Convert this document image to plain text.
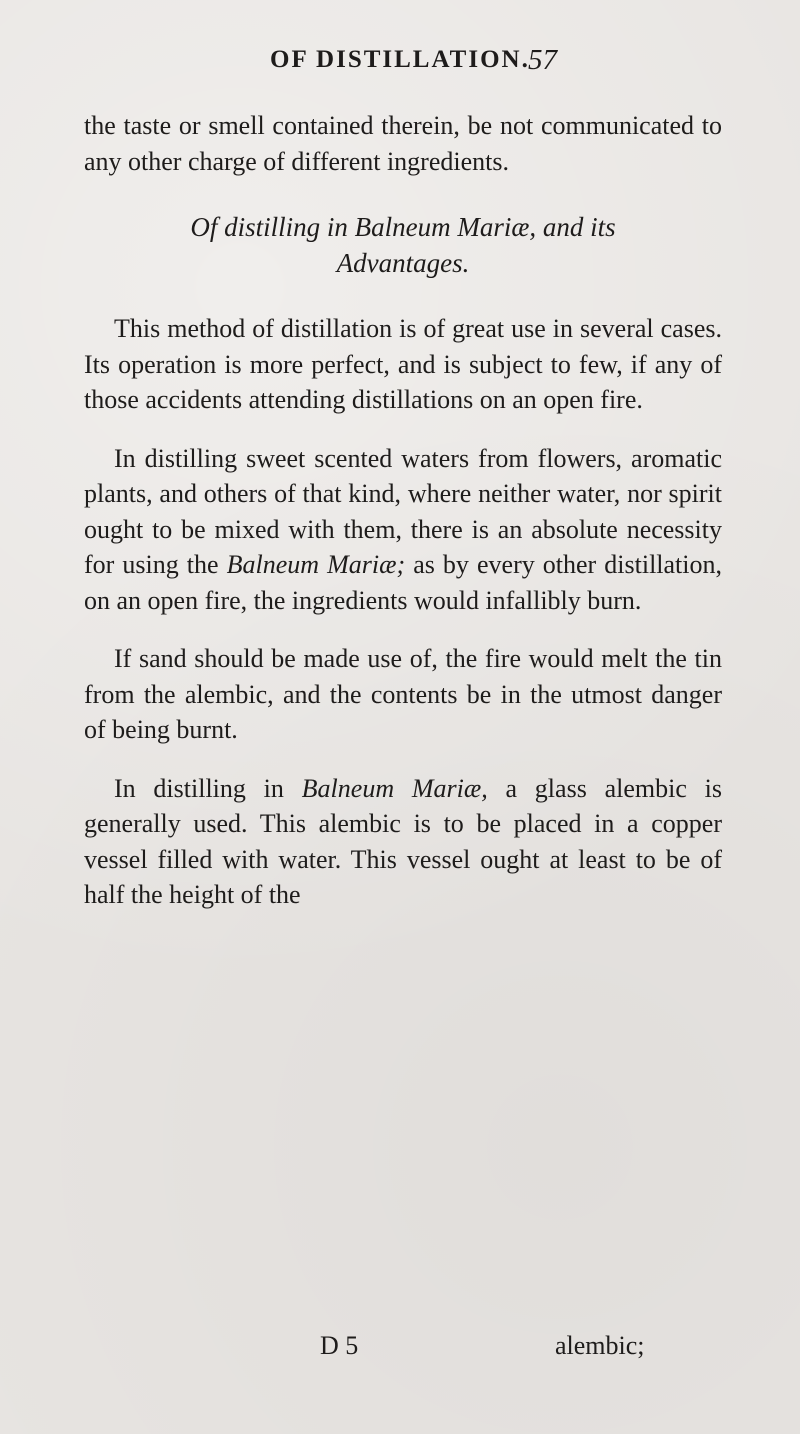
OF DISTILLATION.
57

the taste or smell contained therein, be not communicated to any other charge of different ingredients.

Of distilling in Balneum Mariæ, and its
Advantages.

This method of distillation is of great use in several cases. Its operation is more perfect, and is subject to few, if any of those accidents attending distillations on an open fire.

In distilling sweet scented waters from flowers, aromatic plants, and others of that kind, where neither water, nor spirit ought to be mixed with them, there is an absolute necessity for using the Balneum Mariæ; as by every other distillation, on an open fire, the ingredients would infallibly burn.

If sand should be made use of, the fire would melt the tin from the alembic, and the contents be in the utmost danger of being burnt.

In distilling in Balneum Mariæ, a glass alembic is generally used. This alembic is to be placed in a copper vessel filled with water. This vessel ought at least to be of half the height of the

D 5	alembic;
